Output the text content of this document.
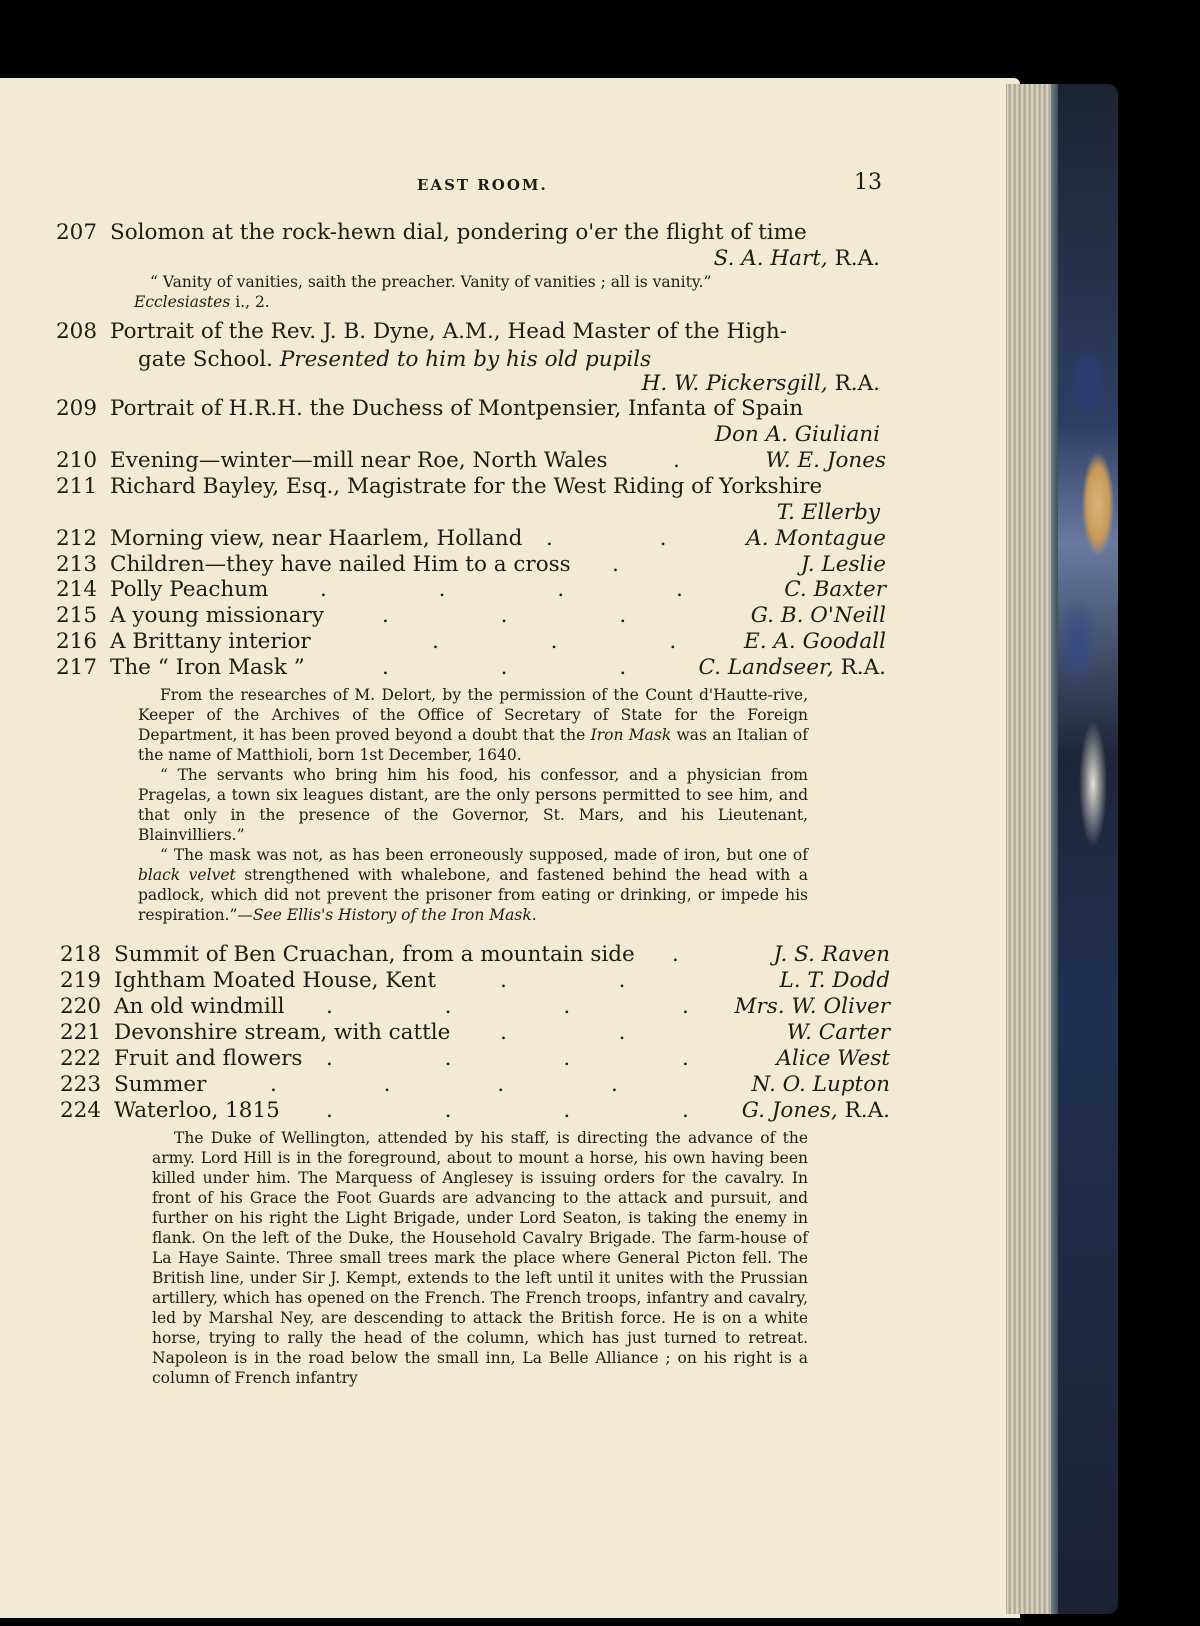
EAST ROOM.	13
207 Solomon at the rock-hewn dial, pondering o'er the flight of time
S. A. Hart, R.A.

“ Vanity of vanities, saith the preacher. Vanity of vanities ; all is vanity.”

Ecclesiastes i., 2.

208 Portrait of the Rev. J. B. Dyne, A.M., Head Master of the High-
gate School. Presented to him by his old pupils
H. W. Pickersgill, R.A.
209 Portrait of H.R.H. the Duchess of Montpensier, Infanta of Spain
Don A. Giuliani
210 Evening—winter—mill near Roe, North Wales	.	W. E. Jones
211 Richard Bayley, Esq., Magistrate for the West Riding of Yorkshire
T. Ellerby
212 Morning view, near Haarlem, Holland . .	A. Montague
213 Children—they have nailed Him to a cross .	J. Leslie
214 Polly Peachum . . . .	C. Baxter
215 A young missionary	. . .	G. B. O'Neill
216 A Brittany interior	. . .	E. A. Goodall
217 The “ Iron Mask ”	. . .	C. Landseer, R.A.

From the researches of M. Delort, by the permission of the Count d'Hautte-rive, Keeper of the Archives of the Office of Secretary of State for the Foreign Department, it has been proved beyond a doubt that the Iron Mask was an Italian of the name of Matthioli, born 1st December, 1640.

“ The servants who bring him his food, his confessor, and a physician from Pragelas, a town six leagues distant, are the only persons permitted to see him, and that only in the presence of the Governor, St. Mars, and his Lieutenant, Blainvilliers.”

“ The mask was not, as has been erroneously supposed, made of iron, but one of black velvet strengthened with whalebone, and fastened behind the head with a padlock, which did not prevent the prisoner from eating or drinking, or impede his respiration.”—See Ellis's History of the Iron Mask.

218 Summit of Ben Cruachan, from a mountain side .	J. S. Raven
219 Ightham Moated House, Kent	. .	L. T. Dodd
220 An old windmill . . . . Mrs. W. Oliver
221 Devonshire stream, with cattle . .	W. Carter
222 Fruit and flowers . . . .	Alice West
223 Summer	. . . .	N. O. Lupton
224 Waterloo, 1815 . . . . G. Jones, R.A.

The Duke of Wellington, attended by his staff, is directing the advance of the army. Lord Hill is in the foreground, about to mount a horse, his own having been killed under him. The Marquess of Anglesey is issuing orders for the cavalry. In front of his Grace the Foot Guards are advancing to the attack and pursuit, and further on his right the Light Brigade, under Lord Seaton, is taking the enemy in flank. On the left of the Duke, the Household Cavalry Brigade. The farm-house of La Haye Sainte. Three small trees mark the place where General Picton fell. The British line, under Sir J. Kempt, extends to the left until it unites with the Prussian artillery, which has opened on the French. The French troops, infantry and cavalry, led by Marshal Ney, are descending to attack the British force. He is on a white horse, trying to rally the head of the column, which has just turned to retreat. Napoleon is in the road below the small inn, La Belle Alliance ; on his right is a column of French infantry
